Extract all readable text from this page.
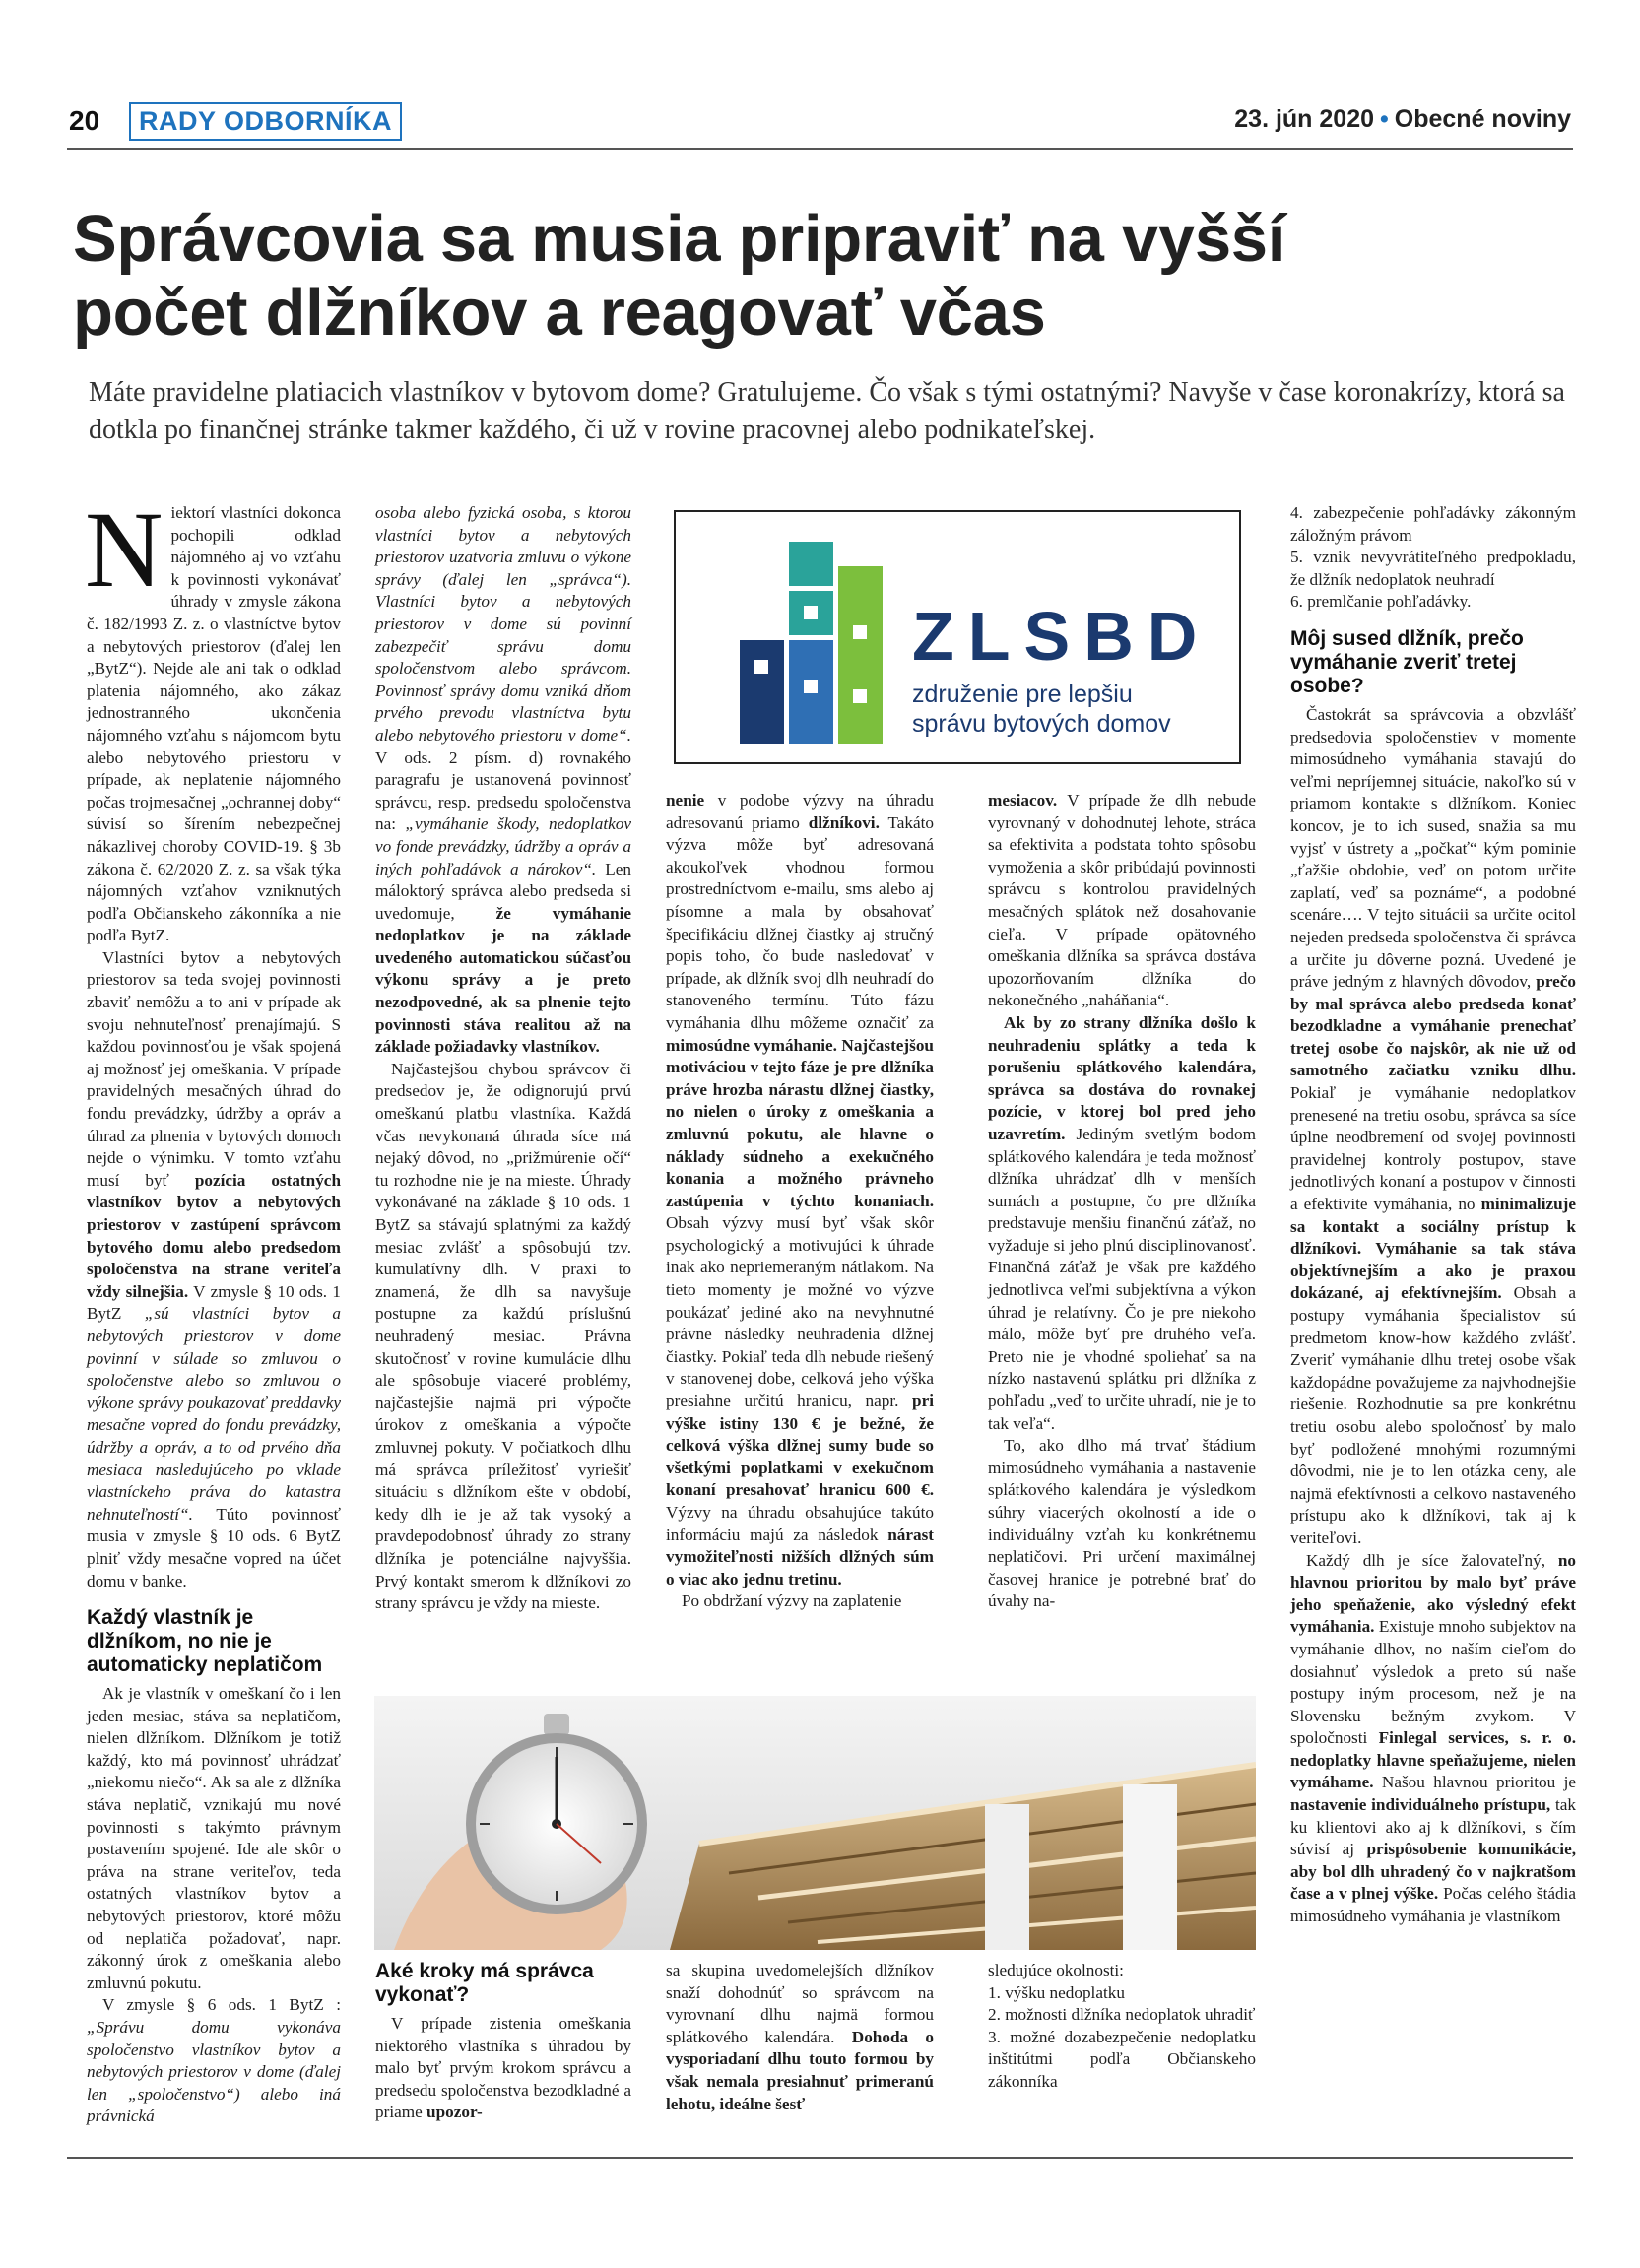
20	RADY ODBORNÍKA	23. jún 2020 • Obecné noviny
Správcovia sa musia pripraviť na vyšší
počet dlžníkov a reagovať včas
Máte pravidelne platiacich vlastníkov v bytovom dome? Gratulujeme. Čo však s tými ostatnými? Navyše v čase koronakrízy, ktorá sa dotkla po finančnej stránke takmer každého, či už v rovine pracovnej alebo podnikateľskej.

Niektorí vlastníci dokonca pochopili odklad nájomného aj vo vzťahu k povinnosti vykonávať úhrady v zmysle zákona č. 182/1993 Z. z. o vlastníctve bytov a nebytových priestorov (ďalej len „BytZ“). Nejde ale ani tak o odklad platenia nájomného, ako zákaz jednostranného ukončenia nájomného vzťahu s nájomcom bytu alebo nebytového priestoru v prípade, ak neplatenie nájomného počas trojmesačnej „ochrannej doby“ súvisí so šírením nebezpečnej nákazlivej choroby COVID-19. § 3b zákona č. 62/2020 Z. z. sa však týka nájomných vzťahov vzniknutých podľa Občianskeho zákonníka a nie podľa BytZ.

Vlastníci bytov a nebytových priestorov sa teda svojej povinnosti zbaviť nemôžu a to ani v prípade ak svoju nehnuteľnosť prenajímajú. S každou povinnosťou je však spojená aj možnosť jej omeškania. V prípade pravidelných mesačných úhrad do fondu prevádzky, údržby a opráv a úhrad za plnenia v bytových domoch nejde o výnimku. V tomto vzťahu musí byť pozícia ostatných vlastníkov bytov a nebytových priestorov v zastúpení správcom bytového domu alebo predsedom spoločenstva na strane veriteľa vždy silnejšia. V zmysle § 10 ods. 1 BytZ „sú vlastníci bytov a nebytových priestorov v dome povinní v súlade so zmluvou o spoločenstve alebo so zmluvou o výkone správy poukazovať preddavky mesačne vopred do fondu prevádzky, údržby a opráv, a to od prvého dňa mesiaca nasledujúceho po vklade vlastníckeho práva do katastra nehnuteľností“. Túto povinnosť musia v zmysle § 10 ods. 6 BytZ plniť vždy mesačne vopred na účet domu v banke.

Každý vlastník je dlžníkom, no nie je automaticky neplatičom

Ak je vlastník v omeškaní čo i len jeden mesiac, stáva sa neplatičom, nielen dlžníkom. Dlžníkom je totiž každý, kto má povinnosť uhrádzať „niekomu niečo“. Ak sa ale z dlžníka stáva neplatič, vznikajú mu nové povinnosti s takýmto právnym postavením spojené. Ide ale skôr o práva na strane veriteľov, teda ostatných vlastníkov bytov a nebytových priestorov, ktoré môžu od neplatiča požadovať, napr. zákonný úrok z omeškania alebo zmluvnú pokutu.

V zmysle § 6 ods. 1 BytZ : „Správu domu vykonáva spoločenstvo vlastníkov bytov a nebytových priestorov v dome (ďalej len „spoločenstvo“) alebo iná právnická

osoba alebo fyzická osoba, s ktorou vlastníci bytov a nebytových priestorov uzatvoria zmluvu o výkone správy (ďalej len „správca“). Vlastníci bytov a nebytových priestorov v dome sú povinní zabezpečiť správu domu spoločenstvom alebo správcom. Povinnosť správy domu vzniká dňom prvého prevodu vlastníctva bytu alebo nebytového priestoru v dome“. V ods. 2 písm. d) rovnakého paragrafu je ustanovená povinnosť správcu, resp. predsedu spoločenstva na: „vymáhanie škody, nedoplatkov vo fonde prevádzky, údržby a opráv a iných pohľadávok a nárokov“. Len máloktorý správca alebo predseda si uvedomuje, že vymáhanie nedoplatkov je na základe uvedeného automatickou súčasťou výkonu správy a je preto nezodpovedné, ak sa plnenie tejto povinnosti stáva realitou až na základe požiadavky vlastníkov.

Najčastejšou chybou správcov či predsedov je, že odignorujú prvú omeškanú platbu vlastníka. Každá včas nevykonaná úhrada síce má nejaký dôvod, no „prižmúrenie očí“ tu rozhodne nie je na mieste. Úhrady vykonávané na základe § 10 ods. 1 BytZ sa stávajú splatnými za každý mesiac zvlášť a spôsobujú tzv. kumulatívny dlh. V praxi to znamená, že dlh sa navyšuje postupne za každú príslušnú neuhradený mesiac. Právna skutočnosť v rovine kumulácie dlhu ale spôsobuje viaceré problémy, najčastejšie najmä pri výpočte úrokov z omeškania a výpočte zmluvnej pokuty. V počiatkoch dlhu má správca príležitosť vyriešiť situáciu s dlžníkom ešte v období, kedy dlh ie je až tak vysoký a pravdepodobnosť úhrady zo strany dlžníka je potenciálne najvyššia. Prvý kontakt smerom k dlžníkovi zo strany správcu je vždy na mieste.

ZLSBD
združenie pre lepšiu
správu bytových domov

nenie v podobe výzvy na úhradu adresovanú priamo dlžníkovi. Takáto výzva môže byť adresovaná akoukoľvek vhodnou formou prostredníctvom e-mailu, sms alebo aj písomne a mala by obsahovať špecifikáciu dlžnej čiastky aj stručný popis toho, čo bude nasledovať v prípade, ak dlžník svoj dlh neuhradí do stanoveného termínu. Túto fázu vymáhania dlhu môžeme označiť za mimosúdne vymáhanie. Najčastejšou motiváciou v tejto fáze je pre dlžníka práve hrozba nárastu dlžnej čiastky, no nielen o úroky z omeškania a zmluvnú pokutu, ale hlavne o náklady súdneho a exekučného konania a možného právneho zastúpenia v týchto konaniach. Obsah výzvy musí byť však skôr psychologický a motivujúci k úhrade inak ako nepriemeraným nátlakom. Na tieto momenty je možné vo výzve poukázať jediné ako na nevyhnutné právne následky neuhradenia dlžnej čiastky. Pokiaľ teda dlh nebude riešený v stanovenej dobe, celková jeho výška presiahne určitú hranicu, napr. pri výške istiny 130 € je bežné, že celková výška dlžnej sumy bude so všetkými poplatkami v exekučnom konaní presahovať hranicu 600 €. Výzvy na úhradu obsahujúce takúto informáciu majú za následok nárast vymožiteľnosti nižších dlžných súm o viac ako jednu tretinu.

Po obdržaní výzvy na zaplatenie

mesiacov. V prípade že dlh nebude vyrovnaný v dohodnutej lehote, stráca sa efektivita a podstata tohto spôsobu vymoženia a skôr pribúdajú povinnosti správcu s kontrolou pravidelných mesačných splátok než dosahovanie cieľa. V prípade opätovného omeškania dlžníka sa správca dostáva upozorňovaním dlžníka do nekonečného „naháňania“.

Ak by zo strany dlžníka došlo k neuhradeniu splátky a teda k porušeniu splátkového kalendára, správca sa dostáva do rovnakej pozície, v ktorej bol pred jeho uzavretím. Jediným svetlým bodom splátkového kalendára je teda možnosť dlžníka uhrádzať dlh v menších sumách a postupne, čo pre dlžníka predstavuje menšiu finančnú záťaž, no vyžaduje si jeho plnú disciplinovanosť. Finančná záťaž je však pre každého jednotlivca veľmi subjektívna a výkon úhrad je relatívny. Čo je pre niekoho málo, môže byť pre druhého veľa. Preto nie je vhodné spoliehať sa na nízko nastavenú splátku pri dlžníka z pohľadu „veď to určite uhradí, nie je to tak veľa“.

To, ako dlho má trvať štádium mimosúdneho vymáhania a nastavenie splátkového kalendára je výsledkom súhry viacerých okolností a ide o individuálny vzťah ku konkrétnemu neplatičovi. Pri určení maximálnej časovej hranice je potrebné brať do úvahy na-

4. zabezpečenie pohľadávky zákonným záložným právom

5. vznik nevyvrátiteľného predpokladu, že dlžník nedoplatok neuhradí

6. premlčanie pohľadávky.

Môj sused dlžník, prečo vymáhanie zveriť tretej osobe?

Častokrát sa správcovia a obzvlášť predsedovia spoločenstiev v momente mimosúdneho vymáhania stavajú do veľmi nepríjemnej situácie, nakoľko sú v priamom kontakte s dlžníkom. Koniec koncov, je to ich sused, snažia sa mu vyjsť v ústrety a „počkať“ kým pominie „ťažšie obdobie, veď on potom určite zaplatí, veď sa poznáme“, a podobné scenáre…. V tejto situácii sa určite ocitol nejeden predseda spoločenstva či správca a určite ju dôverne pozná. Uvedené je práve jedným z hlavných dôvodov, prečo by mal správca alebo predseda konať bezodkladne a vymáhanie prenechať tretej osobe čo najskôr, ak nie už od samotného začiatku vzniku dlhu. Pokiaľ je vymáhanie nedoplatkov prenesené na tretiu osobu, správca sa síce úplne neodbremení od svojej povinnosti pravidelnej kontroly postupov, stave jednotlivých konaní a postupov v činnosti a efektivite vymáhania, no minimalizuje sa kontakt a sociálny prístup k dlžníkovi. Vymáhanie sa tak stáva objektívnejším a ako je praxou dokázané, aj efektívnejším. Obsah a postupy vymáhania špecialistov sú predmetom know-how každého zvlášť. Zveriť vymáhanie dlhu tretej osobe však každopádne považujeme za najvhodnejšie riešenie. Rozhodnutie sa pre konkrétnu tretiu osobu alebo spoločnosť by malo byť podložené mnohými rozumnými dôvodmi, nie je to len otázka ceny, ale najmä efektívnosti a celkovo nastaveného prístupu ako k dlžníkovi, tak aj k veriteľovi.

Každý dlh je síce žalovateľný, no hlavnou prioritou by malo byť práve jeho speňaženie, ako výsledný efekt vymáhania. Existuje mnoho subjektov na vymáhanie dlhov, no naším cieľom do dosiahnuť výsledok a preto sú naše postupy iným procesom, než je na Slovensku bežným zvykom. V spoločnosti Finlegal services, s. r. o. nedoplatky hlavne speňažujeme, nielen vymáhame. Našou hlavnou prioritou je nastavenie individuálneho prístupu, tak ku klientovi ako aj k dlžníkovi, s čím súvisí aj prispôsobenie komunikácie, aby bol dlh uhradený čo v najkratšom čase a v plnej výške. Počas celého štádia mimosúdneho vymáhania je vlastníkom

Aké kroky má správca vykonať?

V prípade zistenia omeškania niektorého vlastníka s úhradou by malo byť prvým krokom správcu a predsedu spoločenstva bezodkladné a priame upozor-

sa skupina uvedomelejších dlžníkov snaží dohodnúť so správcom na vyrovnaní dlhu najmä formou splátkového kalendára. Dohoda o vysporiadaní dlhu touto formou by však nemala presiahnuť primeranú lehotu, ideálne šesť

sledujúce okolnosti:

1. výšku nedoplatku

2. možnosti dlžníka nedoplatok uhradiť

3. možné dozabezpečenie nedoplatku inštitútmi podľa Občianskeho zákonníka
